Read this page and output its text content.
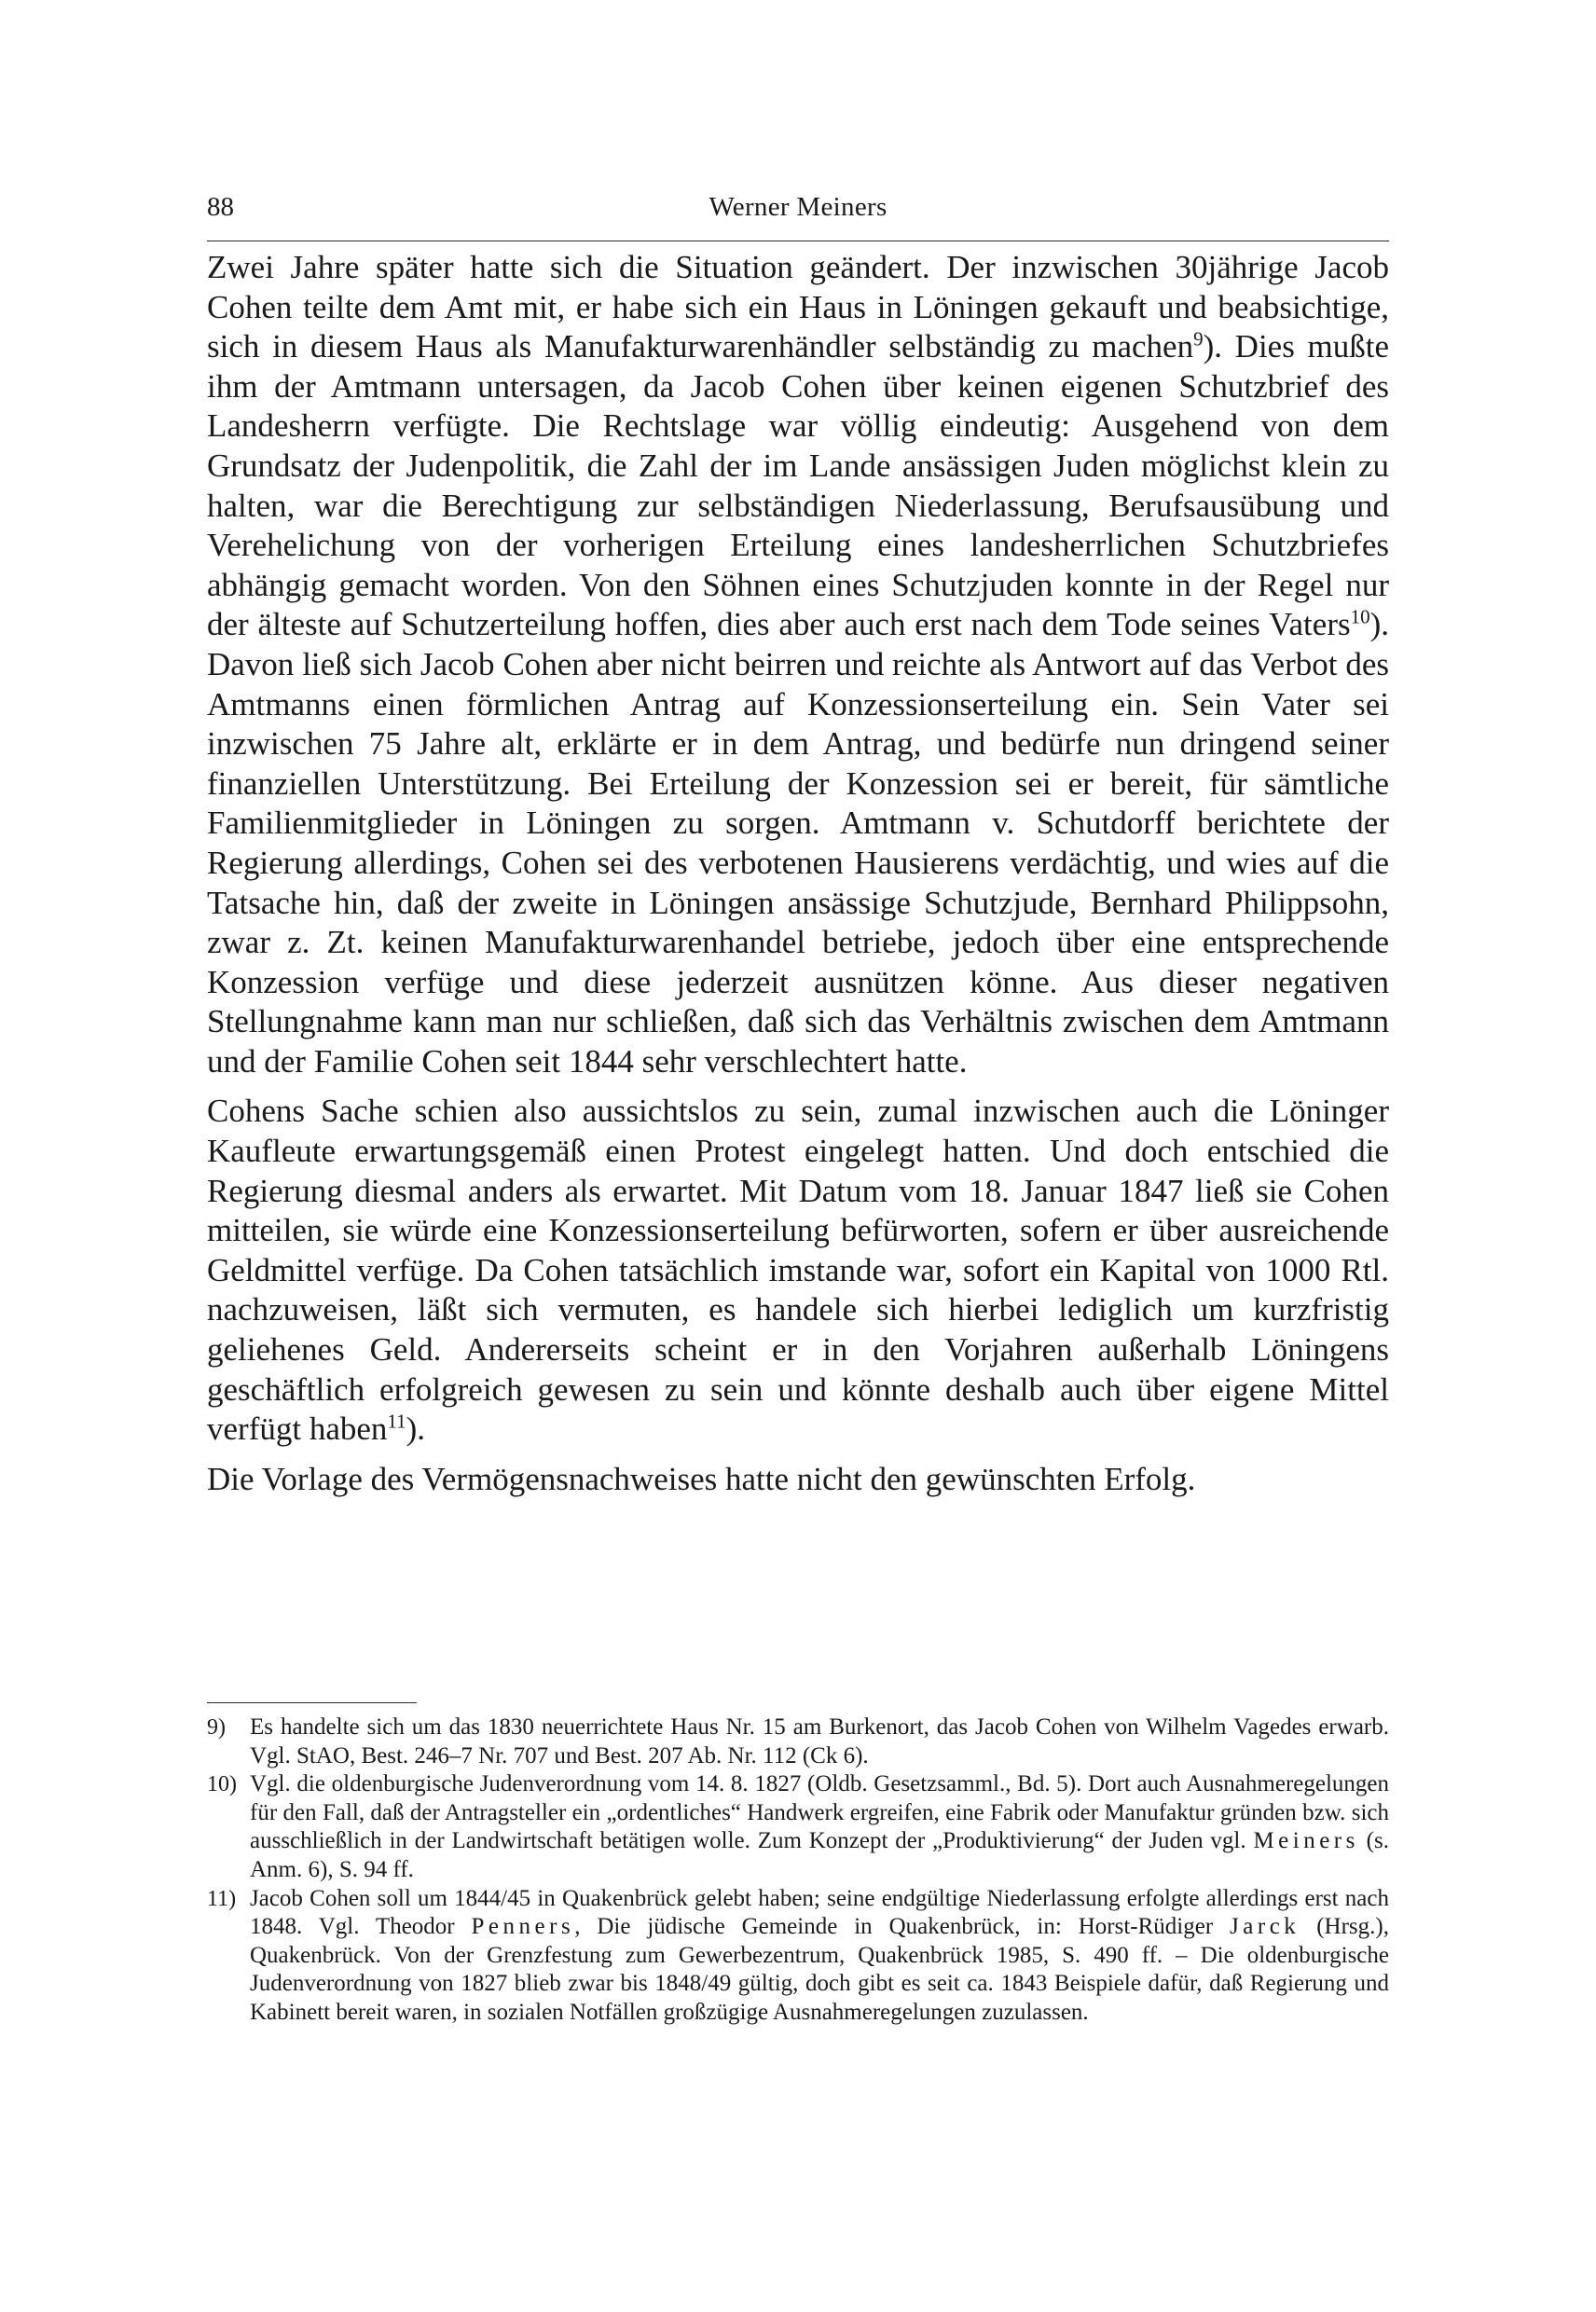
88	Werner Meiners

Zwei Jahre später hatte sich die Situation geändert. Der inzwischen 30jährige Jacob Cohen teilte dem Amt mit, er habe sich ein Haus in Löningen gekauft und beabsichtige, sich in diesem Haus als Manufakturwarenhändler selbständig zu machen$^9$). Dies mußte ihm der Amtmann untersagen, da Jacob Cohen über keinen eigenen Schutzbrief des Landesherrn verfügte. Die Rechtslage war völlig eindeutig: Ausgehend von dem Grundsatz der Judenpolitik, die Zahl der im Lande ansässigen Juden möglichst klein zu halten, war die Berechtigung zur selbständigen Niederlassung, Berufsausübung und Verehelichung von der vorherigen Erteilung eines landesherrlichen Schutzbriefes abhängig gemacht worden. Von den Söhnen eines Schutzjuden konnte in der Regel nur der älteste auf Schutzerteilung hoffen, dies aber auch erst nach dem Tode seines Vaters$^{10}$). Davon ließ sich Jacob Cohen aber nicht beirren und reichte als Antwort auf das Verbot des Amtmanns einen förmlichen Antrag auf Konzessionserteilung ein. Sein Vater sei inzwischen 75 Jahre alt, erklärte er in dem Antrag, und bedürfe nun dringend seiner finanziellen Unterstützung. Bei Erteilung der Konzession sei er bereit, für sämtliche Familienmitglieder in Löningen zu sorgen. Amtmann v. Schutdorff berichtete der Regierung allerdings, Cohen sei des verbotenen Hausierens verdächtig, und wies auf die Tatsache hin, daß der zweite in Löningen ansässige Schutzjude, Bernhard Philippsohn, zwar z. Zt. keinen Manufakturwarenhandel betriebe, jedoch über eine entsprechende Konzession verfüge und diese jederzeit ausnützen könne. Aus dieser negativen Stellungnahme kann man nur schließen, daß sich das Verhältnis zwischen dem Amtmann und der Familie Cohen seit 1844 sehr verschlechtert hatte.

Cohens Sache schien also aussichtslos zu sein, zumal inzwischen auch die Löninger Kaufleute erwartungsgemäß einen Protest eingelegt hatten. Und doch entschied die Regierung diesmal anders als erwartet. Mit Datum vom 18. Januar 1847 ließ sie Cohen mitteilen, sie würde eine Konzessionserteilung befürworten, sofern er über ausreichende Geldmittel verfüge. Da Cohen tatsächlich imstande war, sofort ein Kapital von 1000 Rtl. nachzuweisen, läßt sich vermuten, es handele sich hierbei lediglich um kurzfristig geliehenes Geld. Andererseits scheint er in den Vorjahren außerhalb Löningens geschäftlich erfolgreich gewesen zu sein und könnte deshalb auch über eigene Mittel verfügt haben$^{11}$).

Die Vorlage des Vermögensnachweises hatte nicht den gewünschten Erfolg.

9)	Es handelte sich um das 1830 neuerrichtete Haus Nr. 15 am Burkenort, das Jacob Cohen von Wilhelm Vagedes erwarb. Vgl. StAO, Best. 246–7 Nr. 707 und Best. 207 Ab. Nr. 112 (Ck 6).
10) Vgl. die oldenburgische Judenverordnung vom 14. 8. 1827 (Oldb. Gesetzsamml., Bd. 5). Dort auch Ausnahmeregelungen für den Fall, daß der Antragsteller ein „ordentliches“ Handwerk ergreifen, eine Fabrik oder Manufaktur gründen bzw. sich ausschließlich in der Landwirtschaft betätigen wolle. Zum Konzept der „Produktivierung“ der Juden vgl. Meiners (s. Anm. 6), S. 94 ff.
11) Jacob Cohen soll um 1844/45 in Quakenbrück gelebt haben; seine endgültige Niederlassung erfolgte allerdings erst nach 1848. Vgl. Theodor Penners, Die jüdische Gemeinde in Quakenbrück, in: Horst-Rüdiger Jarck (Hrsg.), Quakenbrück. Von der Grenzfestung zum Gewerbezentrum, Quakenbrück 1985, S. 490 ff. – Die oldenburgische Judenverordnung von 1827 blieb zwar bis 1848/49 gültig, doch gibt es seit ca. 1843 Beispiele dafür, daß Regierung und Kabinett bereit waren, in sozialen Notfällen großzügige Ausnahmeregelungen zuzulassen.
